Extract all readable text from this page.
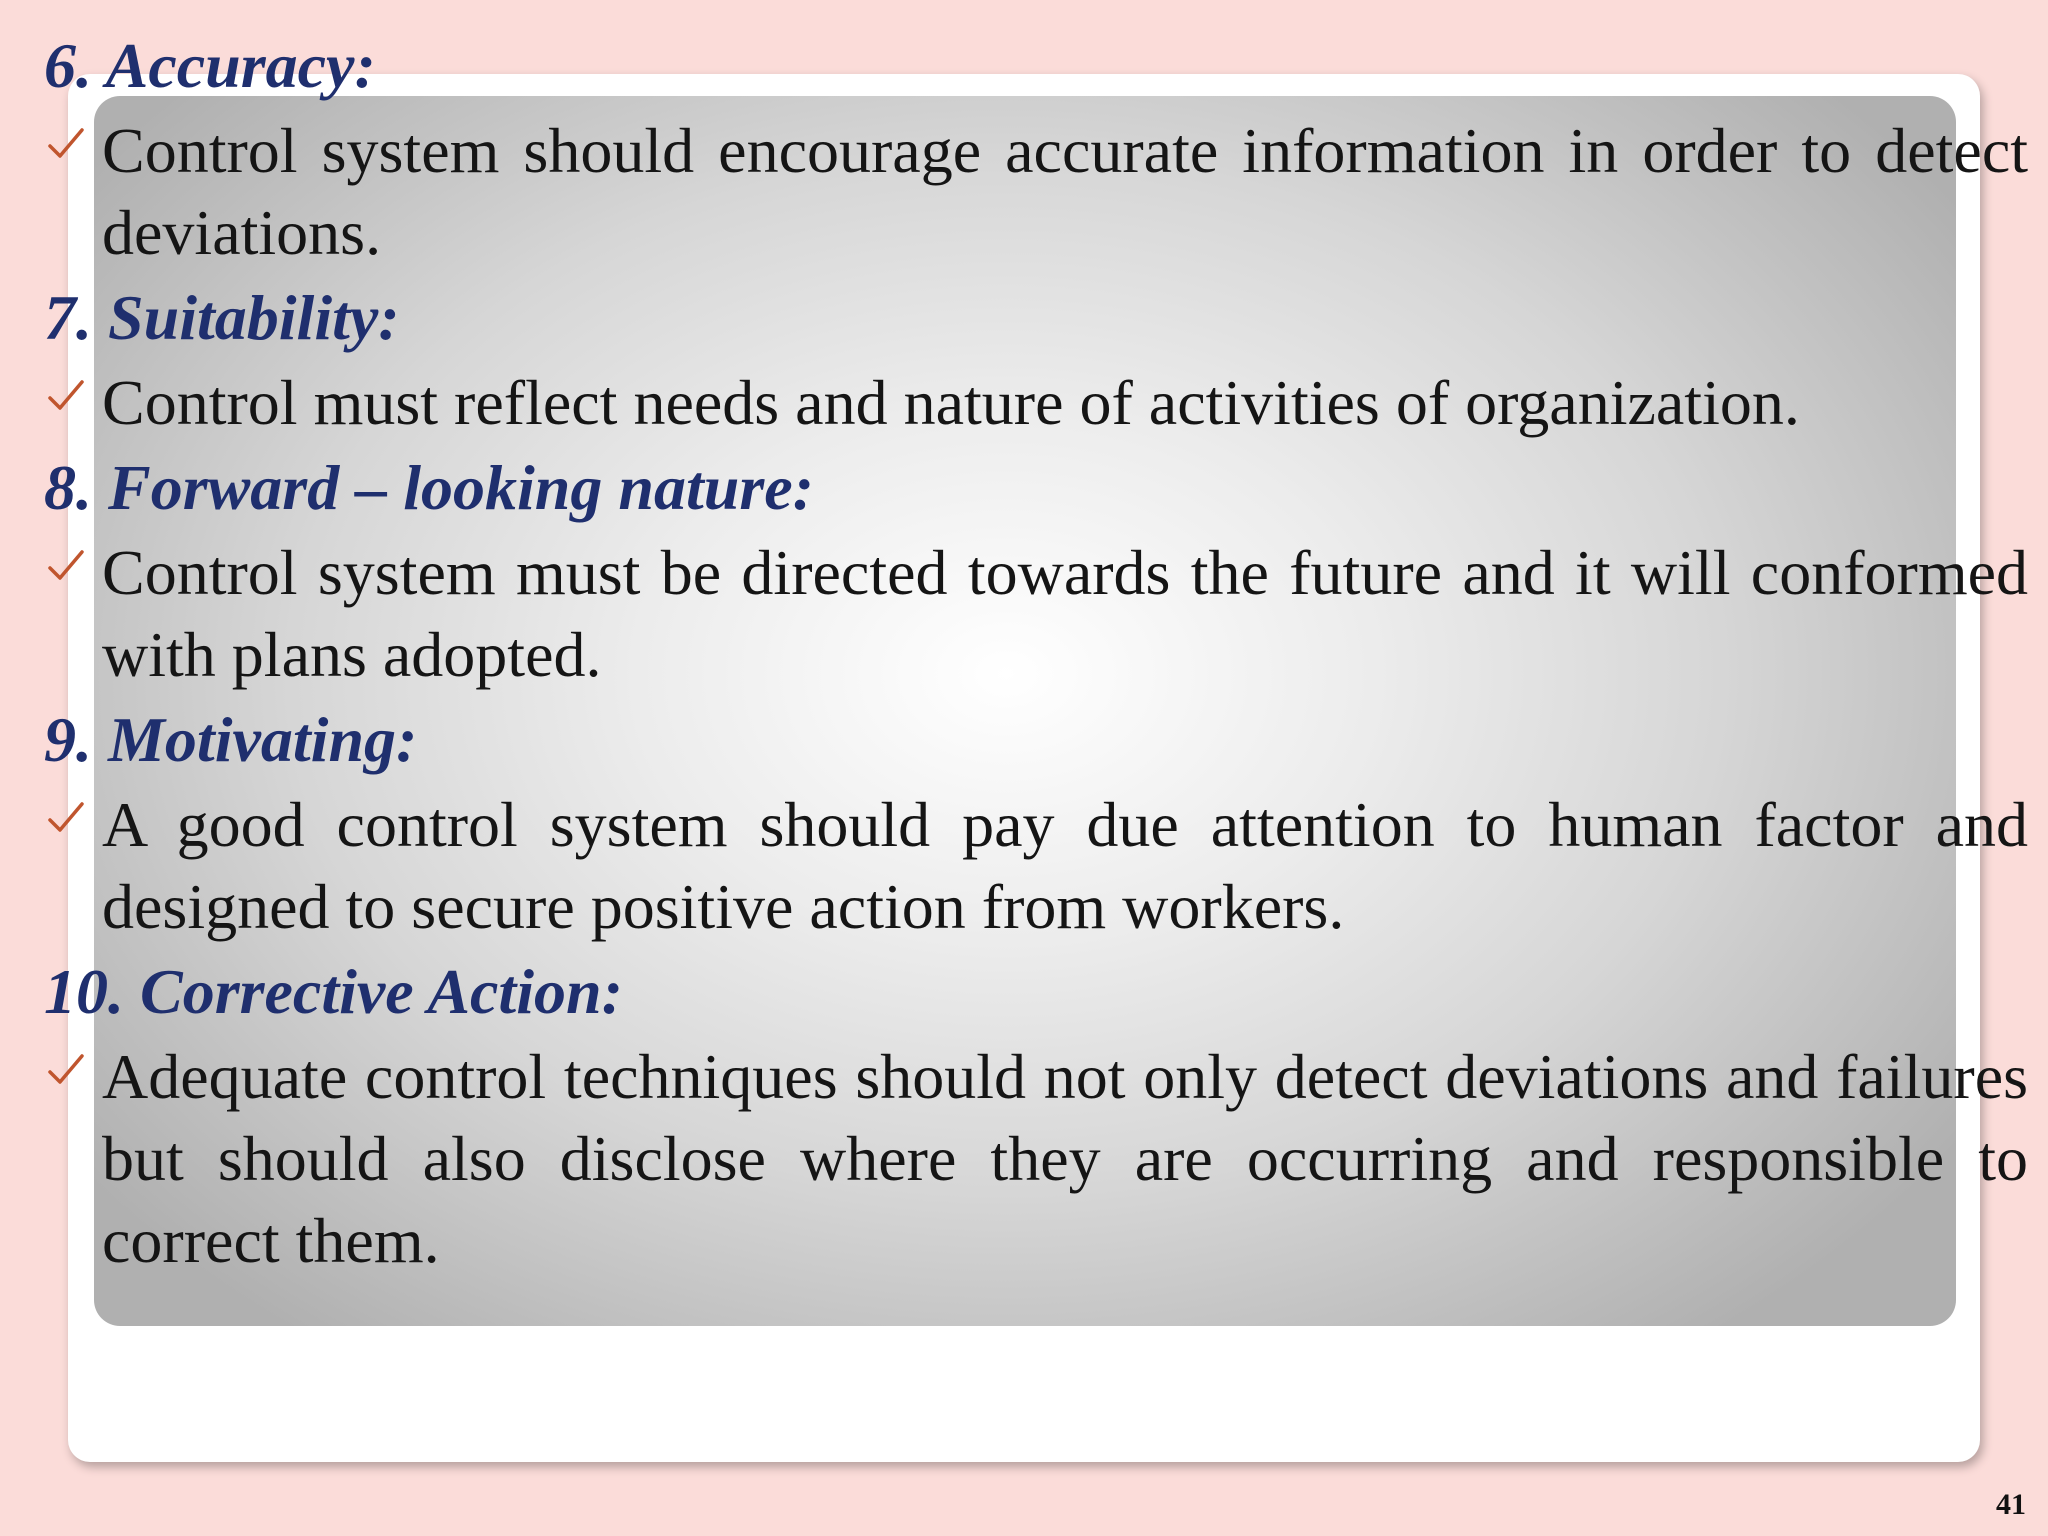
6. Accuracy:
Control system should encourage accurate information in order to detect deviations.
7. Suitability:
Control must reflect needs and nature of activities of organization.
8. Forward – looking nature:
Control system must be directed towards the future and it will conformed with plans adopted.
9. Motivating:
A good control system should pay due attention to human factor and designed to secure positive action from workers.
10. Corrective Action:
Adequate control techniques should not only detect deviations and failures but should also disclose where they are occurring and responsible to correct them.
41
